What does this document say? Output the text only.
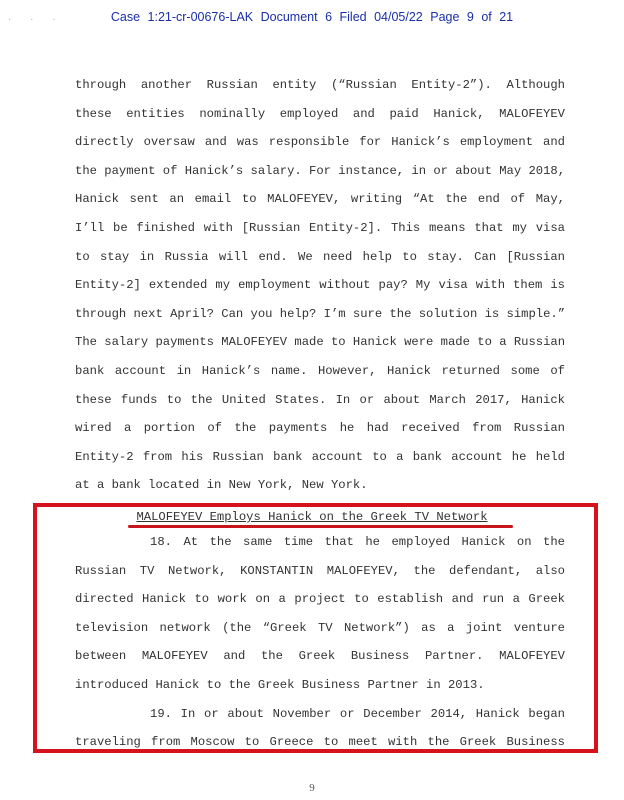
· · ·	Case 1:21-cr-00676-LAK Document 6 Filed 04/05/22 Page 9 of 21
through another Russian entity (“Russian Entity-2”). Although
these entities nominally employed and paid Hanick, MALOFEYEV
directly oversaw and was responsible for Hanick’s employment and
the payment of Hanick’s salary. For instance, in or about May 2018,
Hanick sent an email to MALOFEYEV, writing “At the end of May,
I’ll be finished with [Russian Entity-2]. This means that my visa
to stay in Russia will end. We need help to stay. Can [Russian
Entity-2] extended my employment without pay? My visa with them is
through next April? Can you help? I’m sure the solution is simple.”
The salary payments MALOFEYEV made to Hanick were made to a Russian
bank account in Hanick’s name. However, Hanick returned some of
these funds to the United States. In or about March 2017, Hanick
wired a portion of the payments he had received from Russian
Entity-2 from his Russian bank account to a bank account he held
at a bank located in New York, New York.
MALOFEYEV Employs Hanick on the Greek TV Network
18. At the same time that he employed Hanick on the
Russian TV Network, KONSTANTIN MALOFEYEV, the defendant, also
directed Hanick to work on a project to establish and run a Greek
television network (the “Greek TV Network”) as a joint venture
between MALOFEYEV and the Greek Business Partner. MALOFEYEV
introduced Hanick to the Greek Business Partner in 2013.
19. In or about November or December 2014, Hanick began
traveling from Moscow to Greece to meet with the Greek Business
9
